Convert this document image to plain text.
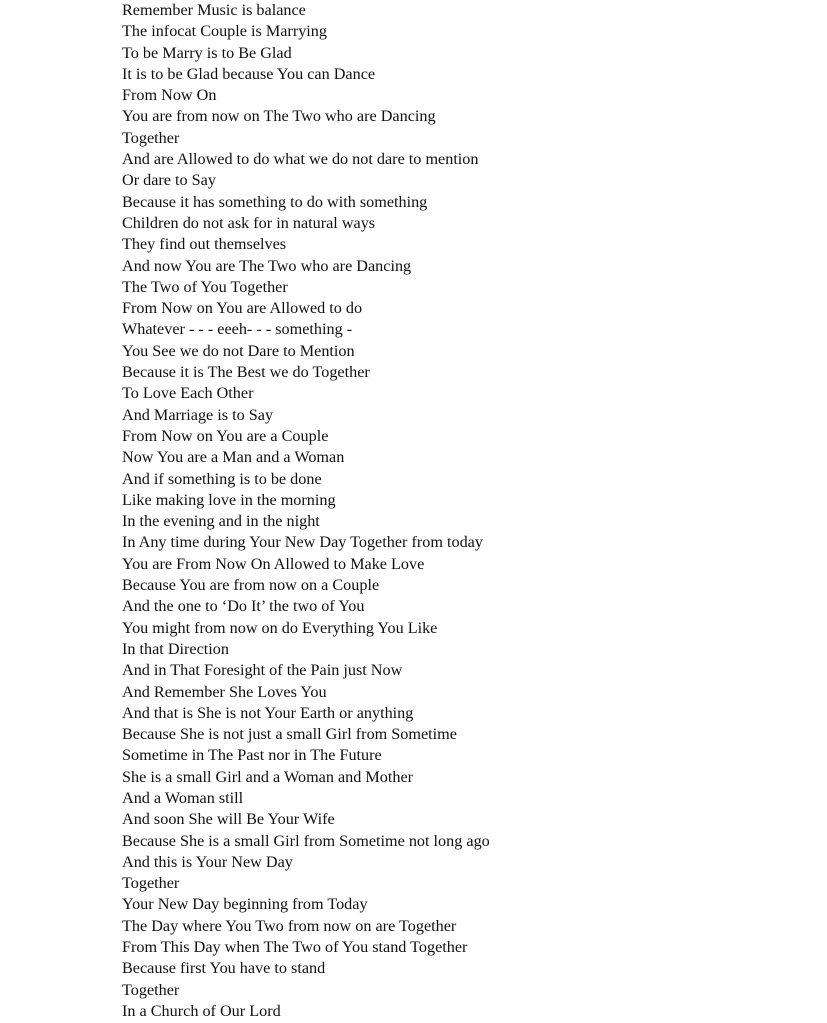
Remember Music is balance
The infocat Couple is Marrying
To be Marry is to Be Glad
It is to be Glad because You can Dance
From Now On
You are from now on The Two who are Dancing
Together
And are Allowed to do what we do not dare to mention
Or dare to Say
Because it has something to do with something
Children do not ask for in natural ways
They find out themselves
And now You are The Two who are Dancing
The Two of You Together
From Now on You are Allowed to do
Whatever - - - eeeh- - - something -
You See we do not Dare to Mention
Because it is The Best we do Together
To Love Each Other
And Marriage is to Say
From Now on You are a Couple
Now You are a Man and a Woman
And if something is to be done
Like making love in the morning
In the evening and in the night
In Any time during Your New Day Together from today
You are From Now On Allowed to Make Love
Because You are from now on a Couple
And the one to ‘Do It’ the two of You
You might from now on do Everything You Like
In that Direction
And in That Foresight of the Pain just Now
And Remember She Loves You
And that is She is not Your Earth or anything
Because She is not just a small Girl from Sometime
Sometime in The Past nor in The Future
She is a small Girl and a Woman and Mother
And a Woman still
And soon She will Be Your Wife
Because She is a small Girl from Sometime not long ago
And this is Your New Day
Together
Your New Day beginning from Today
The Day where You Two from now on are Together
From This Day when The Two of You stand Together
Because first You have to stand
Together
In a Church of Our Lord
